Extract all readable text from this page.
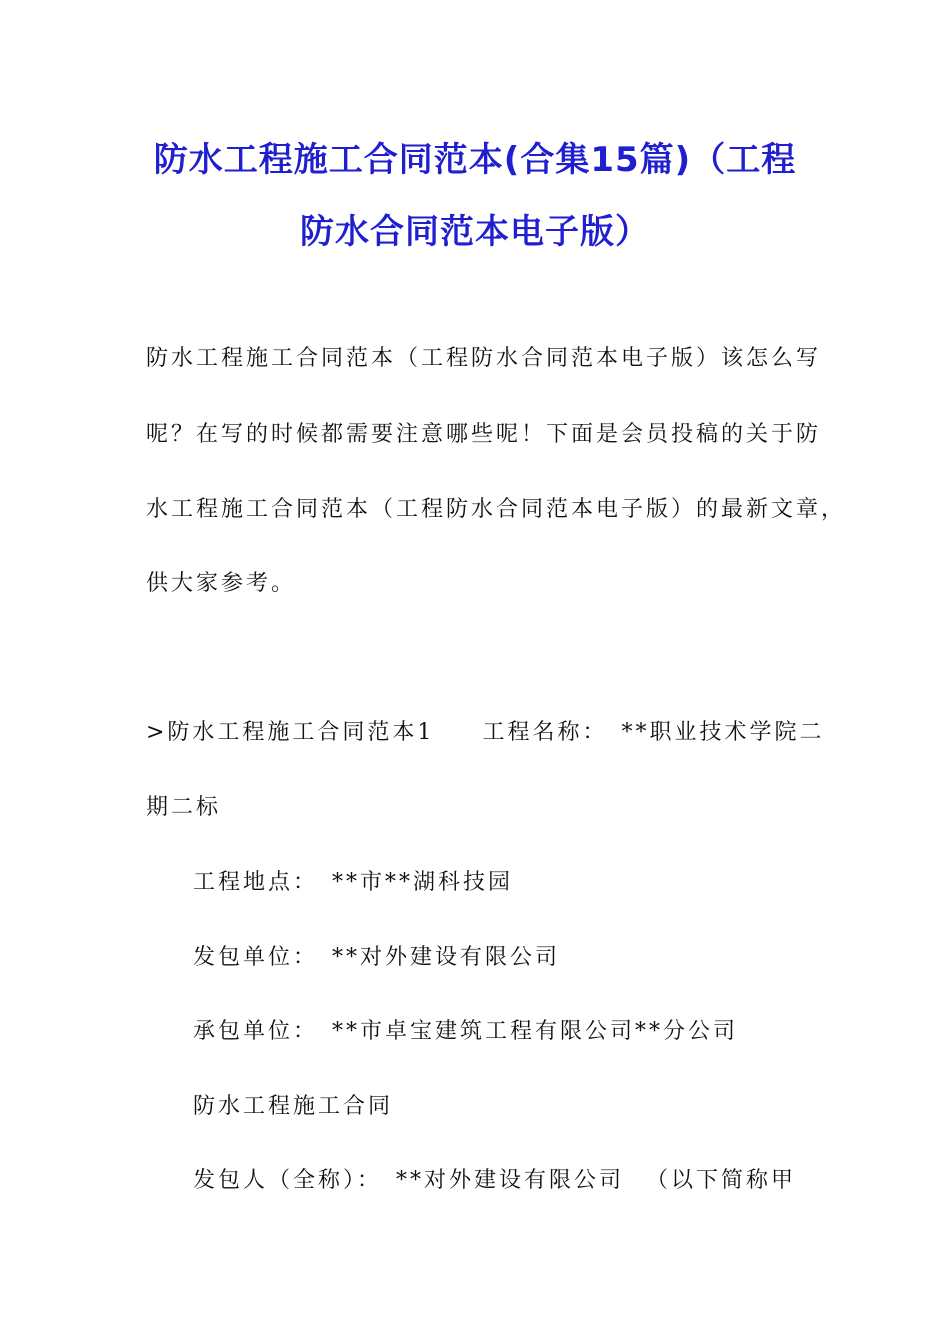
防水工程施工合同范本(合集15篇)（工程
防水合同范本电子版）
防水工程施工合同范本（工程防水合同范本电子版）该怎么写
呢？在写的时候都需要注意哪些呢！下面是会员投稿的关于防
水工程施工合同范本（工程防水合同范本电子版）的最新文章，
供大家参考。
>防水工程施工合同范本1 工程名称： **职业技术学院二
期二标
工程地点： **市**湖科技园
发包单位： **对外建设有限公司
承包单位： **市卓宝建筑工程有限公司**分公司
防水工程施工合同
发包人（全称）： **对外建设有限公司 （以下简称甲
